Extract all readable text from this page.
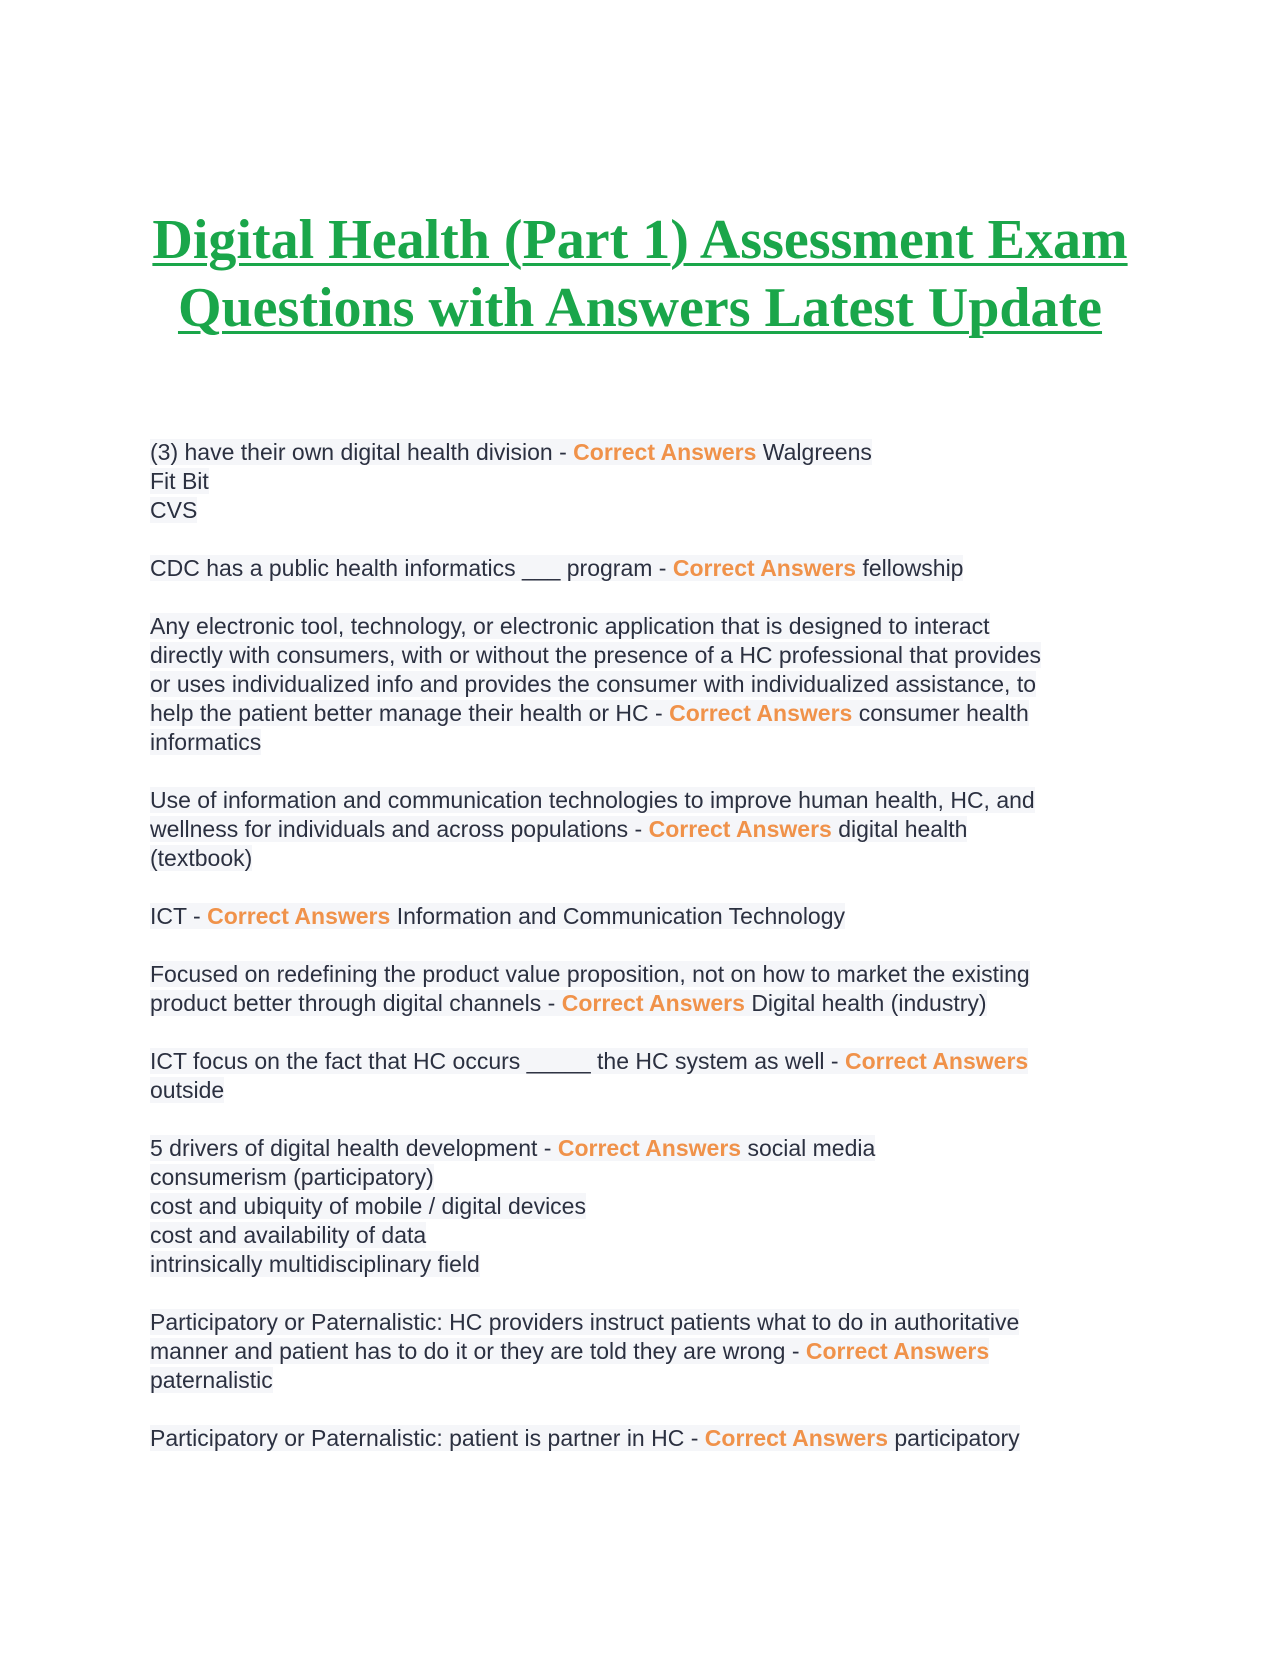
Digital Health (Part 1) Assessment Exam Questions with Answers Latest Update
(3) have their own digital health division - Correct Answers Walgreens
Fit Bit
CVS
CDC has a public health informatics ___ program - Correct Answers fellowship
Any electronic tool, technology, or electronic application that is designed to interact
directly with consumers, with or without the presence of a HC professional that provides
or uses individualized info and provides the consumer with individualized assistance, to
help the patient better manage their health or HC - Correct Answers consumer health
informatics
Use of information and communication technologies to improve human health, HC, and
wellness for individuals and across populations - Correct Answers digital health
(textbook)
ICT - Correct Answers Information and Communication Technology
Focused on redefining the product value proposition, not on how to market the existing
product better through digital channels - Correct Answers Digital health (industry)
ICT focus on the fact that HC occurs _____ the HC system as well - Correct Answers
outside
5 drivers of digital health development - Correct Answers social media
consumerism (participatory)
cost and ubiquity of mobile / digital devices
cost and availability of data
intrinsically multidisciplinary field
Participatory or Paternalistic: HC providers instruct patients what to do in authoritative
manner and patient has to do it or they are told they are wrong - Correct Answers
paternalistic
Participatory or Paternalistic: patient is partner in HC - Correct Answers participatory
